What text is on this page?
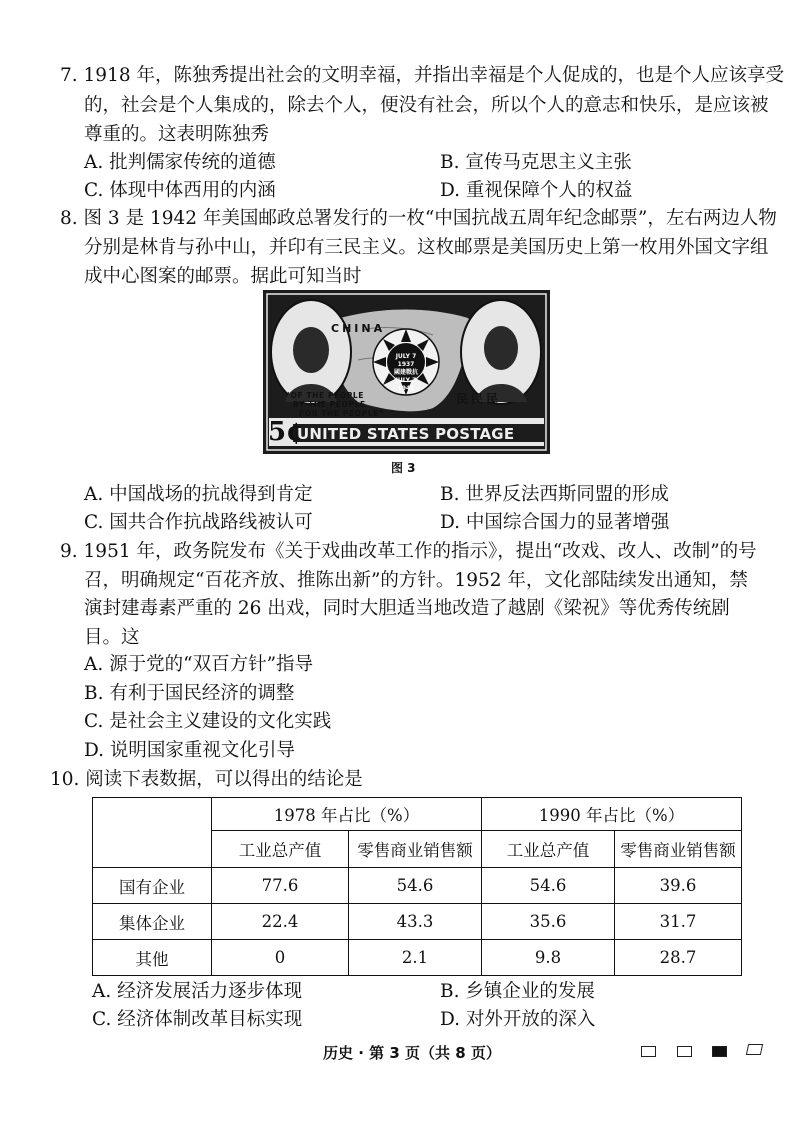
7. 1918 年，陈独秀提出社会的文明幸福，并指出幸福是个人促成的，也是个人应该享受
的，社会是个人集成的，除去个人，便没有社会，所以个人的意志和快乐，是应该被
尊重的。这表明陈独秀
A. 批判儒家传统的道德	B. 宣传马克思主义主张
C. 体现中体西用的内涵	D. 重视保障个人的权益
8. 图 3 是 1942 年美国邮政总署发行的一枚“中国抗战五周年纪念邮票”，左右两边人物
分别是林肯与孙中山，并印有三民主义。这枚邮票是美国历史上第一枚用外国文字组
成中心图案的邮票。据此可知当时
CHINA
JULY 7 1937
國建戰抗
JULY 7 1942
“OF THE PEOPLE
BY THE PEOPLE
FOR THE PEOPLE”
民民民
5¢
UNITED STATES POSTAGE
图 3
A. 中国战场的抗战得到肯定	B. 世界反法西斯同盟的形成
C. 国共合作抗战路线被认可	D. 中国综合国力的显著增强
9. 1951 年，政务院发布《关于戏曲改革工作的指示》，提出“改戏、改人、改制”的号
召，明确规定“百花齐放、推陈出新”的方针。1952 年，文化部陆续发出通知，禁
演封建毒素严重的 26 出戏，同时大胆适当地改造了越剧《梁祝》等优秀传统剧
目。这
A. 源于党的“双百方针”指导
B. 有利于国民经济的调整
C. 是社会主义建设的文化实践
D. 说明国家重视文化引导
10. 阅读下表数据，可以得出的结论是
	1978 年占比（%）		1990 年占比（%）	
	工业总产值	零售商业销售额	工业总产值	零售商业销售额
国有企业	77.6	54.6	54.6	39.6
集体企业	22.4	43.3	35.6	31.7
其他	0	2.1	9.8	28.7
A. 经济发展活力逐步体现	B. 乡镇企业的发展
C. 经济体制改革目标实现	D. 对外开放的深入
历史 · 第 3 页（共 8 页）
